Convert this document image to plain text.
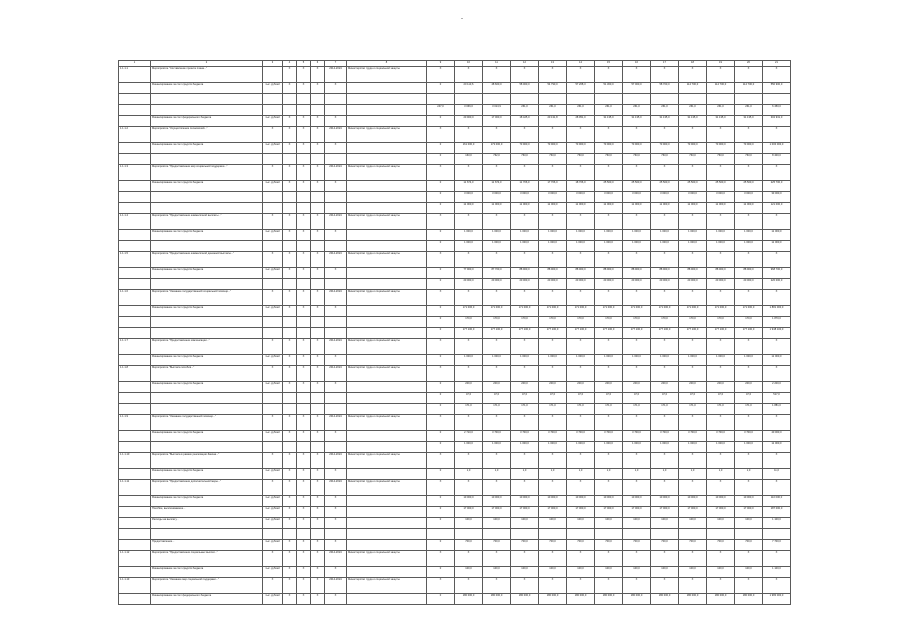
-
1	2	3	4	5	6	7	8	9	10	11	12	13	14	15	16	17	18	19	20	21
1.1.1.1	Мероприятие "Составление проекта плана..."		X	X	X	2014-2024	Министерство труда и социальной защиты	X	X	X	X	X	X	X	X	X	X	X	X	X
	Финансирование за счет средств бюджета	тыс. рублей	X	X	X	X		0	20 113,6	48 600,0	58 000,0	54 790,0	57 208,3	51 300,0	57 000,0	58 700,0	114 700,0	114 700,0	114 700,0	550 900,0

								247,0	3 066,0	3 013,9	261,0	261,0	261,0	261,0	261,0	261,0	261,0	261,0	261,0	6 450,0
	Финансирование за счет федерального бюджета	тыс. рублей	X	X	X	X		0	20 900,0	17 000,0	18 425,0	20 131,8	28 951,0	31 135,0	31 135,0	31 135,0	31 135,0	31 135,0	31 135,0	302 931,0
1.1.1.2	Мероприятие "Осуществление полномочий..."	X	X	X	X	2014-2024	Министерство труда и социальной защиты	X	X	X	X	X	X	X	X	X	X	X	X	X
	Финансирование за счет средств бюджета	тыс. рублей	X	X	X	X		0	161 000,0	173 000,0	73 900,0	73 900,0	73 900,0	73 900,0	73 900,0	73 900,0	73 900,0	73 900,0	73 900,0	1 000 000,0
								0	163,0	762,0	763,0	763,0	763,0	763,0	763,0	763,0	763,0	763,0	763,0	8 400,0
1.1.1.3	Мероприятие "Предоставление мер социальной поддержки..."	X	X	X	X	2014-2024	Министерство труда и социальной защиты	X	X	X	X	X	X	X	X	X	X	X	X	X
	Финансирование за счет средств бюджета	тыс. рублей	X	X	X	X		0	11 674,0	11 674,0	11 706,0	17 706,0	18 706,0	25 500,0	25 500,0	25 500,0	25 500,0	25 500,0	25 500,0	225 700,0
								0	3 000,0	3 000,0	3 000,0	3 000,0	3 000,0	3 000,0	3 000,0	3 000,0	3 000,0	3 000,0	3 000,0	33 000,0
								0	11 000,0	11 000,0	11 000,0	11 000,0	11 000,0	11 000,0	11 000,0	11 000,0	11 000,0	11 000,0	11 000,0	121 000,0
1.1.1.4	Мероприятие "Предоставление ежемесячной выплаты..."	X	X	X	X	2014-2024	Министерство труда и социальной защиты	X	X	X	X	X	X	X	X	X	X	X	X	X
	Финансирование за счет средств бюджета	тыс. рублей	X	X	X	X		0	1 000,0	1 000,0	1 000,0	1 000,0	1 000,0	1 000,0	1 000,0	1 000,0	1 000,0	1 000,0	1 000,0	11 000,0
								0	1 000,0	1 000,0	1 000,0	1 000,0	1 000,0	1 000,0	1 000,0	1 000,0	1 000,0	1 000,0	1 000,0	11 000,0
1.1.1.5	Мероприятие "Предоставление ежемесячной денежной выплаты..."	X	X	X	X	2014-2024	Министерство труда и социальной защиты	X	X	X	X	X	X	X	X	X	X	X	X	X
	Финансирование за счет средств бюджета	тыс. рублей	X	X	X	X		0	77 900,0	87 700,0	88 900,0	88 900,0	88 900,0	88 900,0	88 900,0	88 900,0	88 900,0	88 900,0	88 900,0	968 700,0
								0	20 000,0	20 000,0	20 000,0	20 000,0	20 000,0	20 000,0	20 000,0	20 000,0	20 000,0	20 000,0	20 000,0	220 000,0
1.1.1.6	Мероприятие "Оказание государственной социальной помощи..."	X	X	X	X	2014-2024	Министерство труда и социальной защиты	X	X	X	X	X	X	X	X	X	X	X	X	X
	Финансирование за счет средств бюджета	тыс. рублей	X	X	X	X		0	171 006,0	171 000,0	171 000,0	171 000,0	171 000,0	171 000,0	171 000,0	171 000,0	171 000,0	171 000,0	171 000,0	1 881 000,0
								0	170,0	170,0	170,0	170,0	170,0	170,0	170,0	170,0	170,0	170,0	170,0	1 870,0
								0	177 100,0	177 100,0	177 100,0	177 100,0	177 100,0	177 100,0	177 100,0	177 100,0	177 100,0	177 100,0	177 100,0	1 948 100,0
1.1.1.7	Мероприятие "Предоставление компенсации..."	X	X	X	X	2014-2024	Министерство труда и социальной защиты	X	X	X	X	X	X	X	X	X	X	X	X	X
	Финансирование за счет средств бюджета	тыс. рублей	X	X	X	X		0	1 000,0	1 000,0	1 000,0	1 000,0	1 000,0	1 000,0	1 000,0	1 000,0	1 000,0	1 000,0	1 000,0	11 000,0
1.1.1.8	Мероприятие "Выплата пособия..."	X	X	X	X	2014-2024	Министерство труда и социальной защиты	X	X	X	X	X	X	X	X	X	X	X	X	X
	Финансирование за счет средств бюджета	тыс. рублей	X	X	X	X		0	200,0	200,0	200,0	200,0	200,0	200,0	200,0	200,0	200,0	200,0	200,0	2 200,0
								0	47,0	47,0	47,0	47,0	47,0	47,0	47,0	47,0	47,0	47,0	47,0	517,0
								0	171,0	171,0	171,0	171,0	171,0	171,0	171,0	171,0	171,0	171,0	171,0	1 881,0
1.1.1.9	Мероприятие "Оказание государственной помощи..."	X	X	X	X	2014-2024	Министерство труда и социальной защиты	X	X	X	X	X	X	X	X	X	X	X	X	X
	Финансирование за счет средств бюджета	тыс. рублей	X	X	X	X		0	2 710,0	3 700,0	3 700,0	3 700,0	3 700,0	3 700,0	3 700,0	3 700,0	3 700,0	3 700,0	3 700,0	40 000,0
								0	1 000,0	1 000,0	1 000,0	1 000,0	1 000,0	1 000,0	1 000,0	1 000,0	1 000,0	1 000,0	1 000,0	11 000,0
1.1.1.10	Мероприятие "Выплата в рамках реализации Закона..."	X	X	X	X	2014-2024	Министерство труда и социальной защиты	X	X	X	X	X	X	X	X	X	X	X	X	X
	Финансирование за счет средств бюджета	тыс. рублей	X	X	X	X		0	1,0	1,0	1,0	1,0	1,0	1,0	1,0	1,0	1,0	1,0	1,0	11,0
1.1.1.11	Мероприятие "Предоставление дополнительной меры..."	X	X	X	X	2014-2024	Министерство труда и социальной защиты	X	X	X	X	X	X	X	X	X	X	X	X	X
	Финансирование за счет средств бюджета	тыс. рублей	X	X	X	X		0	10 000,0	10 000,0	10 000,0	10 000,0	10 000,0	10 000,0	10 000,0	10 000,0	10 000,0	10 000,0	10 000,0	110 000,0
	Пособие, выплачиваемое...	тыс. рублей	X	X	X	X		0	17 000,0	17 000,0	17 000,0	17 000,0	17 000,0	17 000,0	17 000,0	17 000,0	17 000,0	17 000,0	17 000,0	187 000,0
	Расходы на выплату...	тыс. рублей	X	X	X	X		0	100,0	100,0	100,0	100,0	100,0	100,0	100,0	100,0	100,0	100,0	100,0	1 100,0

	Предоставление...	тыс. рублей	X	X	X	X		0	700,0	700,0	700,0	700,0	700,0	700,0	700,0	700,0	700,0	700,0	700,0	7 700,0
1.1.1.12	Мероприятие "Предоставление социальных выплат..."	X	X	X	X	2014-2024	Министерство труда и социальной защиты	X	X	X	X	X	X	X	X	X	X	X	X	X
	Финансирование за счет средств бюджета	тыс. рублей	X	X	X	X		0	100,0	100,0	100,0	100,0	100,0	100,0	100,0	100,0	100,0	100,0	100,0	1 100,0
1.1.1.13	Мероприятие "Оказание мер социальной поддержки..."	X	X	X	X	2014-2024	Министерство труда и социальной защиты	X	X	X	X	X	X	X	X	X	X	X	X	X
	Финансирование за счет федерального бюджета	тыс. рублей	X	X	X	X		0	180 000,0	180 000,0	180 000,0	180 000,0	180 000,0	180 000,0	180 000,0	180 000,0	180 000,0	180 000,0	180 000,0	1 980 000,0
